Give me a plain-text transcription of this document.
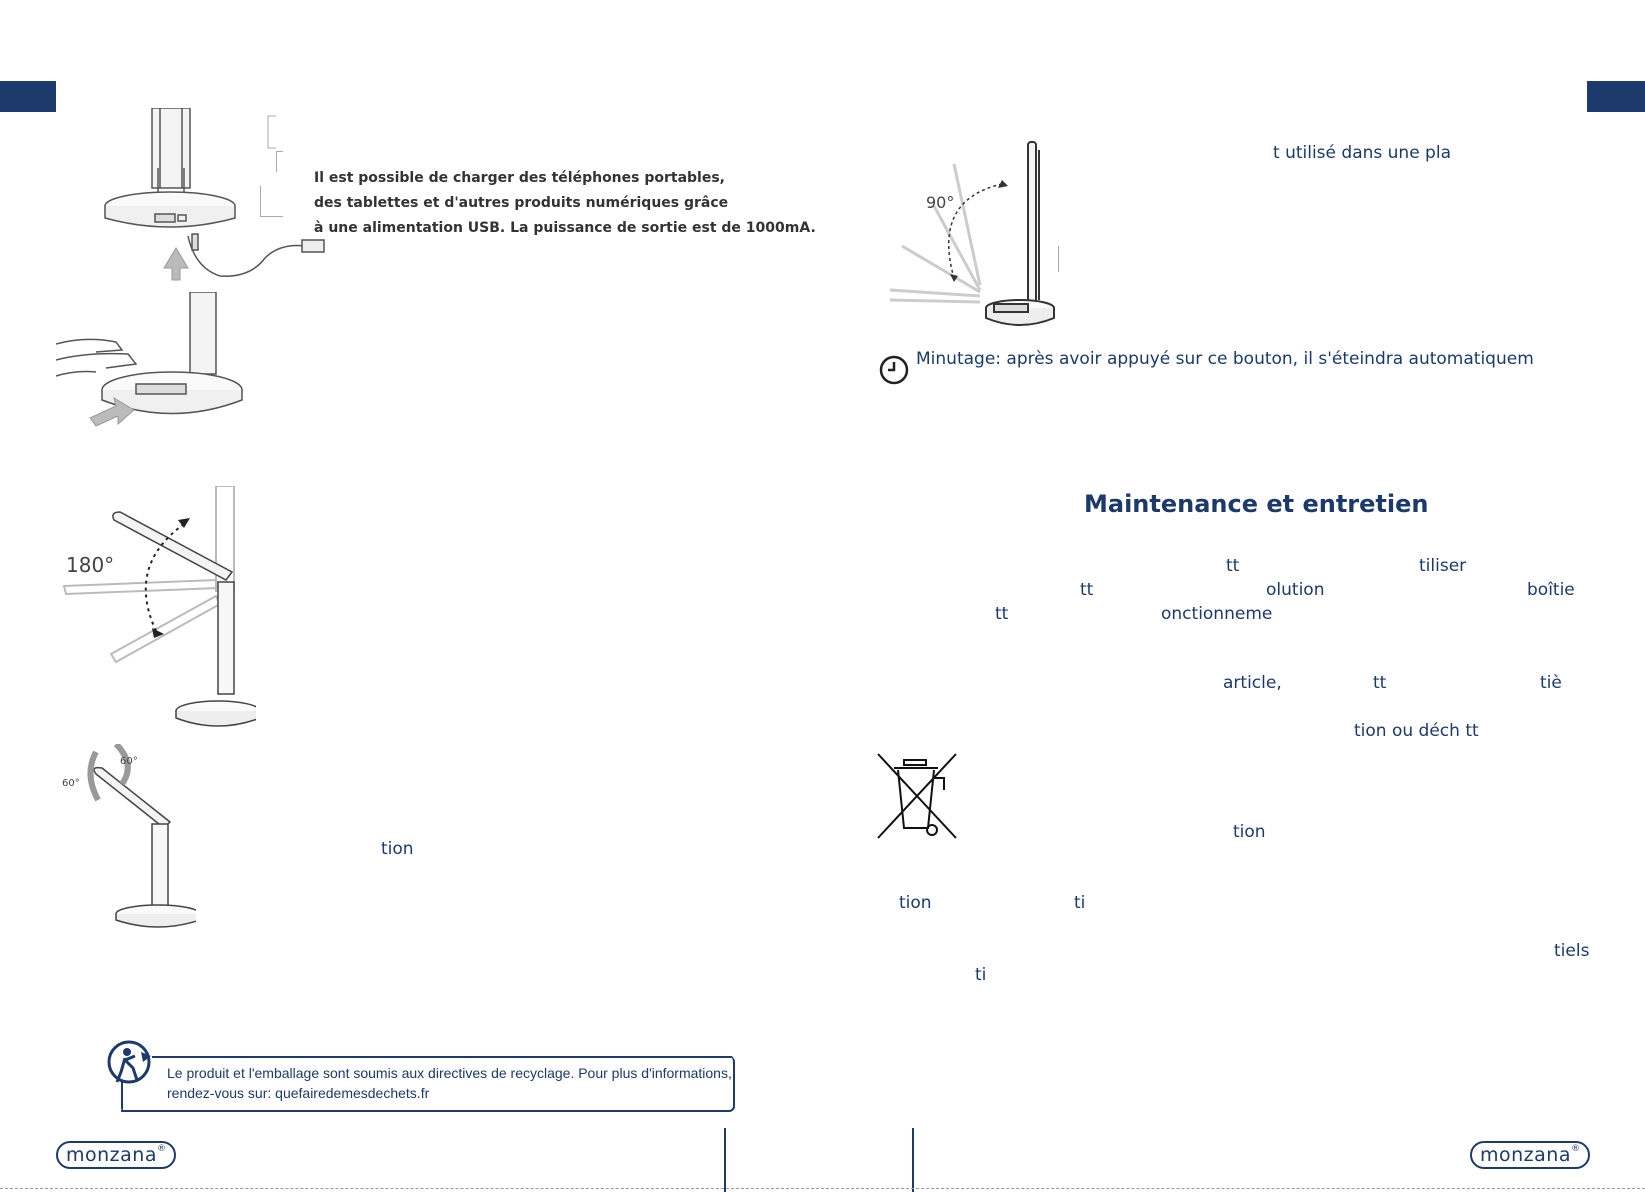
Il est possible de charger des téléphones portables,
des tablettes et d'autres produits numériques grâce
à une alimentation USB. La puissance de sortie est de 1000mA.
180°
60°
60°
tion
Le produit et l'emballage sont soumis aux directives de recyclage. Pour plus d'informations,
rendez-vous sur: quefairedemesdechets.fr
monzana®
90°
t utilisé dans une pla
Minutage: après avoir appuyé sur ce bouton, il s'éteindra automatiquem
Maintenance et entretien
tt	tiliser
tt	olution	boîtie
tt	onctionneme
article,	tt	tiè
tion ou déch tt
tion
tion	ti
tiels
ti
monzana®
